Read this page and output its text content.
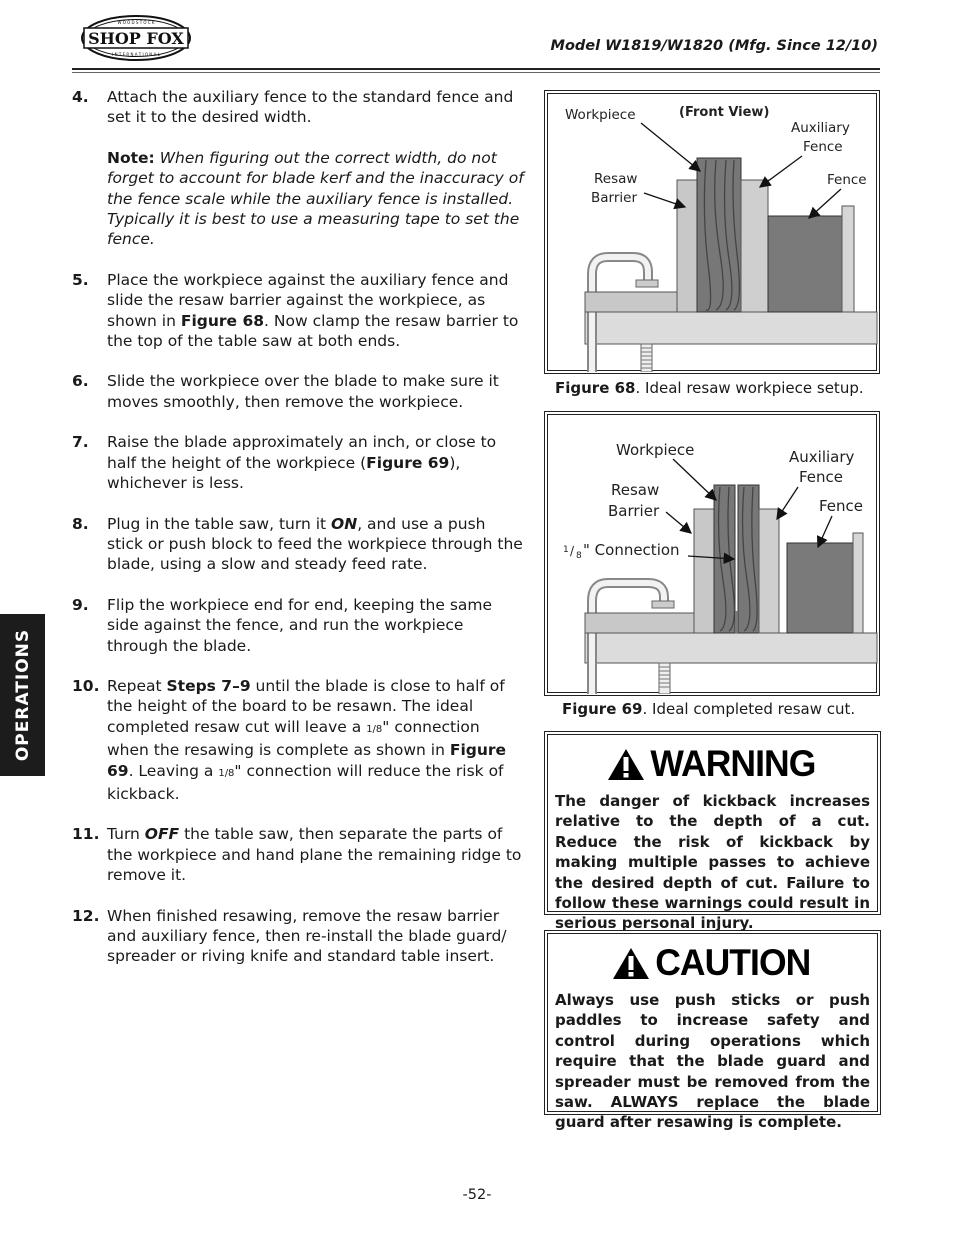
SHOP FOX
W O O D S T O C K
I N T E R N A T I O N A L
Model W1819/W1820 (Mfg. Since 12/10)
OPERATIONS
4.	Attach the auxiliary fence to the standard fence and set it to the desired width.
Note: When figuring out the correct width, do not forget to account for blade kerf and the inaccuracy of the fence scale while the auxiliary fence is installed. Typically it is best to use a measuring tape to set the fence.
5.	Place the workpiece against the auxiliary fence and slide the resaw barrier against the workpiece, as shown in Figure 68. Now clamp the resaw barrier to the top of the table saw at both ends.
6.	Slide the workpiece over the blade to make sure it moves smoothly, then remove the workpiece.
7.	Raise the blade approximately an inch, or close to half the height of the workpiece (Figure 69), whichever is less.
8.	Plug in the table saw, turn it ON, and use a push stick or push block to feed the workpiece through the blade, using a slow and steady feed rate.
9.	Flip the workpiece end for end, keeping the same side against the fence, and run the workpiece through the blade.
10. Repeat Steps 7–9 until the blade is close to half of the height of the board to be resawn. The ideal completed resaw cut will leave a 1/8" connection when the resawing is complete as shown in Figure 69. Leaving a 1/8" connection will reduce the risk of kickback.
11. Turn OFF the table saw, then separate the parts of the workpiece and hand plane the remaining ridge to remove it.
12. When finished resawing, remove the resaw barrier and auxiliary fence, then re-install the blade guard/ spreader or riving knife and standard table insert.
Workpiece	(Front View)
Auxiliary
Fence
Resaw
Barrier
Fence
Figure 68. Ideal resaw workpiece setup.
Workpiece	Auxiliary
Fence
Resaw
Barrier	Fence
1 / 8 " Connection
Figure 69. Ideal completed resaw cut.
WARNING
The danger of kickback increases relative to the depth of a cut. Reduce the risk of kickback by making multiple passes to achieve the desired depth of cut. Failure to follow these warnings could result in serious personal injury.
CAUTION
Always use push sticks or push paddles to increase safety and control during operations which require that the blade guard and spreader must be removed from the saw. ALWAYS replace the blade guard after resawing is complete.
-52-
